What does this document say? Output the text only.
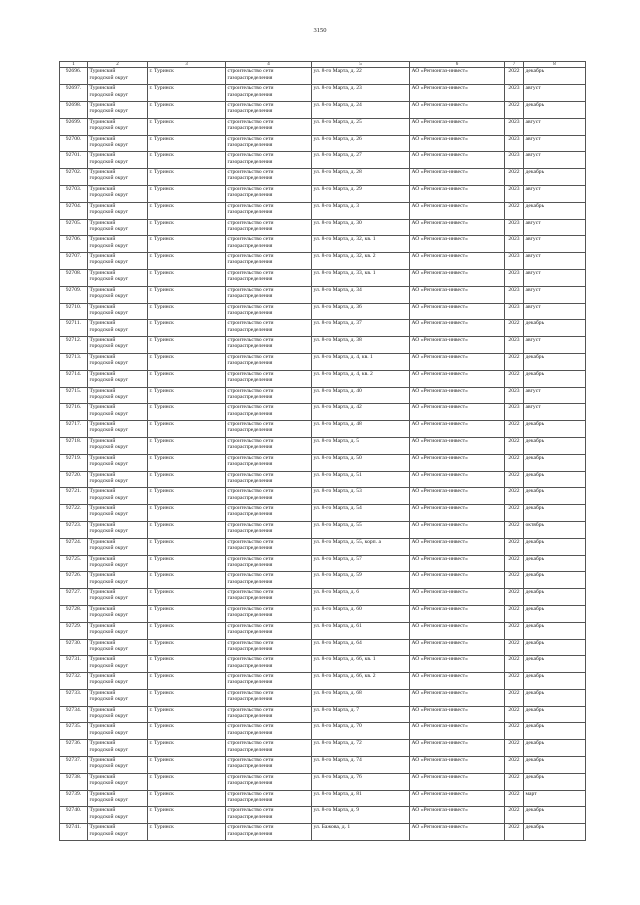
3150
1	2	3	4	5	6	7	8

92696.	Туринский
городской округ	г. Туринск	строительство сети
газораспределения	ул. 8-го Марта, д. 22	АО «Регионгаз-инвест»	2022	декабрь

92697.	Туринский
городской округ	г. Туринск	строительство сети
газораспределения	ул. 8-го Марта, д. 23	АО «Регионгаз-инвест»	2023	август

92698.	Туринский
городской округ	г. Туринск	строительство сети
газораспределения	ул. 8-го Марта, д. 24	АО «Регионгаз-инвест»	2022	декабрь

92699.	Туринский
городской округ	г. Туринск	строительство сети
газораспределения	ул. 8-го Марта, д. 25	АО «Регионгаз-инвест»	2023	август

92700.	Туринский
городской округ	г. Туринск	строительство сети
газораспределения	ул. 8-го Марта, д. 26	АО «Регионгаз-инвест»	2023	август

92701.	Туринский
городской округ	г. Туринск	строительство сети
газораспределения	ул. 8-го Марта, д. 27	АО «Регионгаз-инвест»	2023	август

92702.	Туринский
городской округ	г. Туринск	строительство сети
газораспределения	ул. 8-го Марта, д. 28	АО «Регионгаз-инвест»	2022	декабрь

92703.	Туринский
городской округ	г. Туринск	строительство сети
газораспределения	ул. 8-го Марта, д. 29	АО «Регионгаз-инвест»	2023	август

92704.	Туринский
городской округ	г. Туринск	строительство сети
газораспределения	ул. 8-го Марта, д. 3	АО «Регионгаз-инвест»	2022	декабрь

92705.	Туринский
городской округ	г. Туринск	строительство сети
газораспределения	ул. 8-го Марта, д. 30	АО «Регионгаз-инвест»	2023	август

92706.	Туринский
городской округ	г. Туринск	строительство сети
газораспределения	ул. 8-го Марта, д. 32, кв. 1	АО «Регионгаз-инвест»	2023	август

92707.	Туринский
городской округ	г. Туринск	строительство сети
газораспределения	ул. 8-го Марта, д. 32, кв. 2	АО «Регионгаз-инвест»	2023	август

92708.	Туринский
городской округ	г. Туринск	строительство сети
газораспределения	ул. 8-го Марта, д. 33, кв. 1	АО «Регионгаз-инвест»	2023	август

92709.	Туринский
городской округ	г. Туринск	строительство сети
газораспределения	ул. 8-го Марта, д. 34	АО «Регионгаз-инвест»	2023	август

92710.	Туринский
городской округ	г. Туринск	строительство сети
газораспределения	ул. 8-го Марта, д. 36	АО «Регионгаз-инвест»	2023	август

92711.	Туринский
городской округ	г. Туринск	строительство сети
газораспределения	ул. 8-го Марта, д. 37	АО «Регионгаз-инвест»	2022	декабрь

92712.	Туринский
городской округ	г. Туринск	строительство сети
газораспределения	ул. 8-го Марта, д. 38	АО «Регионгаз-инвест»	2023	август

92713.	Туринский
городской округ	г. Туринск	строительство сети
газораспределения	ул. 8-го Марта, д. 4, кв. 1	АО «Регионгаз-инвест»	2022	декабрь

92714.	Туринский
городской округ	г. Туринск	строительство сети
газораспределения	ул. 8-го Марта, д. 4, кв. 2	АО «Регионгаз-инвест»	2022	декабрь

92715.	Туринский
городской округ	г. Туринск	строительство сети
газораспределения	ул. 8-го Марта, д. 40	АО «Регионгаз-инвест»	2023	август

92716.	Туринский
городской округ	г. Туринск	строительство сети
газораспределения	ул. 8-го Марта, д. 42	АО «Регионгаз-инвест»	2023	август

92717.	Туринский
городской округ	г. Туринск	строительство сети
газораспределения	ул. 8-го Марта, д. 48	АО «Регионгаз-инвест»	2022	декабрь

92718.	Туринский
городской округ	г. Туринск	строительство сети
газораспределения	ул. 8-го Марта, д. 5	АО «Регионгаз-инвест»	2022	декабрь

92719.	Туринский
городской округ	г. Туринск	строительство сети
газораспределения	ул. 8-го Марта, д. 50	АО «Регионгаз-инвест»	2022	декабрь

92720.	Туринский
городской округ	г. Туринск	строительство сети
газораспределения	ул. 8-го Марта, д. 51	АО «Регионгаз-инвест»	2022	декабрь

92721.	Туринский
городской округ	г. Туринск	строительство сети
газораспределения	ул. 8-го Марта, д. 53	АО «Регионгаз-инвест»	2022	декабрь

92722.	Туринский
городской округ	г. Туринск	строительство сети
газораспределения	ул. 8-го Марта, д. 54	АО «Регионгаз-инвест»	2022	декабрь

92723.	Туринский
городской округ	г. Туринск	строительство сети
газораспределения	ул. 8-го Марта, д. 55	АО «Регионгаз-инвест»	2022	октябрь

92724.	Туринский
городской округ	г. Туринск	строительство сети
газораспределения	ул. 8-го Марта, д. 55, корп. а	АО «Регионгаз-инвест»	2022	декабрь

92725.	Туринский
городской округ	г. Туринск	строительство сети
газораспределения	ул. 8-го Марта, д. 57	АО «Регионгаз-инвест»	2022	декабрь

92726.	Туринский
городской округ	г. Туринск	строительство сети
газораспределения	ул. 8-го Марта, д. 59	АО «Регионгаз-инвест»	2022	декабрь

92727.	Туринский
городской округ	г. Туринск	строительство сети
газораспределения	ул. 8-го Марта, д. 6	АО «Регионгаз-инвест»	2022	декабрь

92728.	Туринский
городской округ	г. Туринск	строительство сети
газораспределения	ул. 8-го Марта, д. 60	АО «Регионгаз-инвест»	2022	декабрь

92729.	Туринский
городской округ	г. Туринск	строительство сети
газораспределения	ул. 8-го Марта, д. 61	АО «Регионгаз-инвест»	2022	декабрь

92730.	Туринский
городской округ	г. Туринск	строительство сети
газораспределения	ул. 8-го Марта, д. 64	АО «Регионгаз-инвест»	2022	декабрь

92731.	Туринский
городской округ	г. Туринск	строительство сети
газораспределения	ул. 8-го Марта, д. 66, кв. 1	АО «Регионгаз-инвест»	2022	декабрь

92732.	Туринский
городской округ	г. Туринск	строительство сети
газораспределения	ул. 8-го Марта, д. 66, кв. 2	АО «Регионгаз-инвест»	2022	декабрь

92733.	Туринский
городской округ	г. Туринск	строительство сети
газораспределения	ул. 8-го Марта, д. 68	АО «Регионгаз-инвест»	2022	декабрь

92734.	Туринский
городской округ	г. Туринск	строительство сети
газораспределения	ул. 8-го Марта, д. 7	АО «Регионгаз-инвест»	2022	декабрь

92735.	Туринский
городской округ	г. Туринск	строительство сети
газораспределения	ул. 8-го Марта, д. 70	АО «Регионгаз-инвест»	2022	декабрь

92736.	Туринский
городской округ	г. Туринск	строительство сети
газораспределения	ул. 8-го Марта, д. 72	АО «Регионгаз-инвест»	2022	декабрь

92737.	Туринский
городской округ	г. Туринск	строительство сети
газораспределения	ул. 8-го Марта, д. 74	АО «Регионгаз-инвест»	2022	декабрь

92738.	Туринский
городской округ	г. Туринск	строительство сети
газораспределения	ул. 8-го Марта, д. 76	АО «Регионгаз-инвест»	2022	декабрь

92739.	Туринский
городской округ	г. Туринск	строительство сети
газораспределения	ул. 8-го Марта, д. 81	АО «Регионгаз-инвест»	2022	март

92740.	Туринский
городской округ	г. Туринск	строительство сети
газораспределения	ул. 8-го Марта, д. 9	АО «Регионгаз-инвест»	2022	декабрь

92741.	Туринский
городской округ	г. Туринск	строительство сети
газораспределения	ул. Бажова, д. 1	АО «Регионгаз-инвест»	2022	декабрь
